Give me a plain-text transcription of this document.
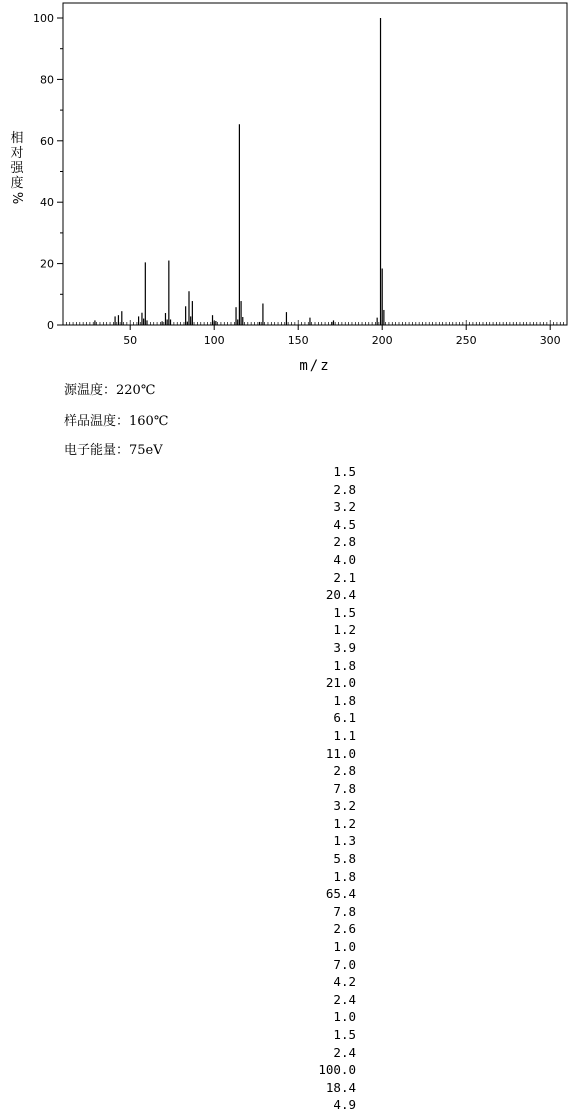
0
20
40
60
80
100
50	100	150	200	250	300
m/z
相
对
强
度
%
源温度：220℃
样品温度：160℃
电子能量：75eV
1.5
2.8
3.2
4.5
2.8
4.0
2.1
20.4
1.5
1.2
3.9
1.8
21.0
1.8
6.1
1.1
11.0
2.8
7.8
3.2
1.2
1.3
5.8
1.8
65.4
7.8
2.6
1.0
7.0
4.2
2.4
1.0
1.5
2.4
100.0
18.4
4.9
